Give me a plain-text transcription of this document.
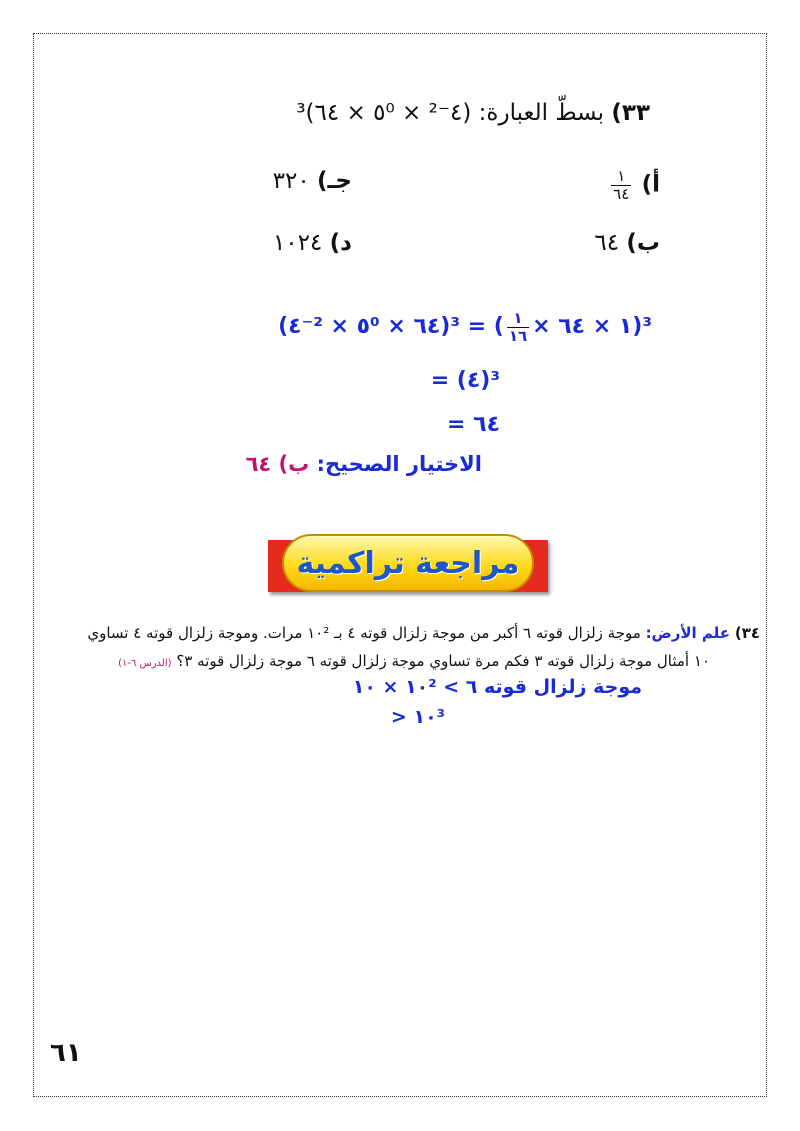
٣٣) بسطّ العبارة: (٤⁻² × ٥⁰ × ٦٤)³
أ)
$\frac{١}{٦٤}$
ب) ٦٤
جـ) ٣٢٠
د) ١٠٢٤
(٤⁻² × ٥⁰ × ٦٤)³ = ( $\frac{١}{١٦}$ × ١ × ٦٤)³
= (٤)³
= ٦٤
الاختيار الصحيح: ب) ٦٤
مراجعة تراكمية
٣٤) علم الأرض: موجة زلزال قوته ٦ أكبر من موجة زلزال قوته ٤ بـ ١٠² مرات. وموجة زلزال قوته ٤ تساوي
١٠ أمثال موجة زلزال قوته ٣ فكم مرة تساوي موجة زلزال قوته ٦ موجة زلزال قوته ٣؟ (الدرس ٦-١)
موجة زلزال قوته ٦ > ١٠² × ١٠
> ١٠³
٦١
